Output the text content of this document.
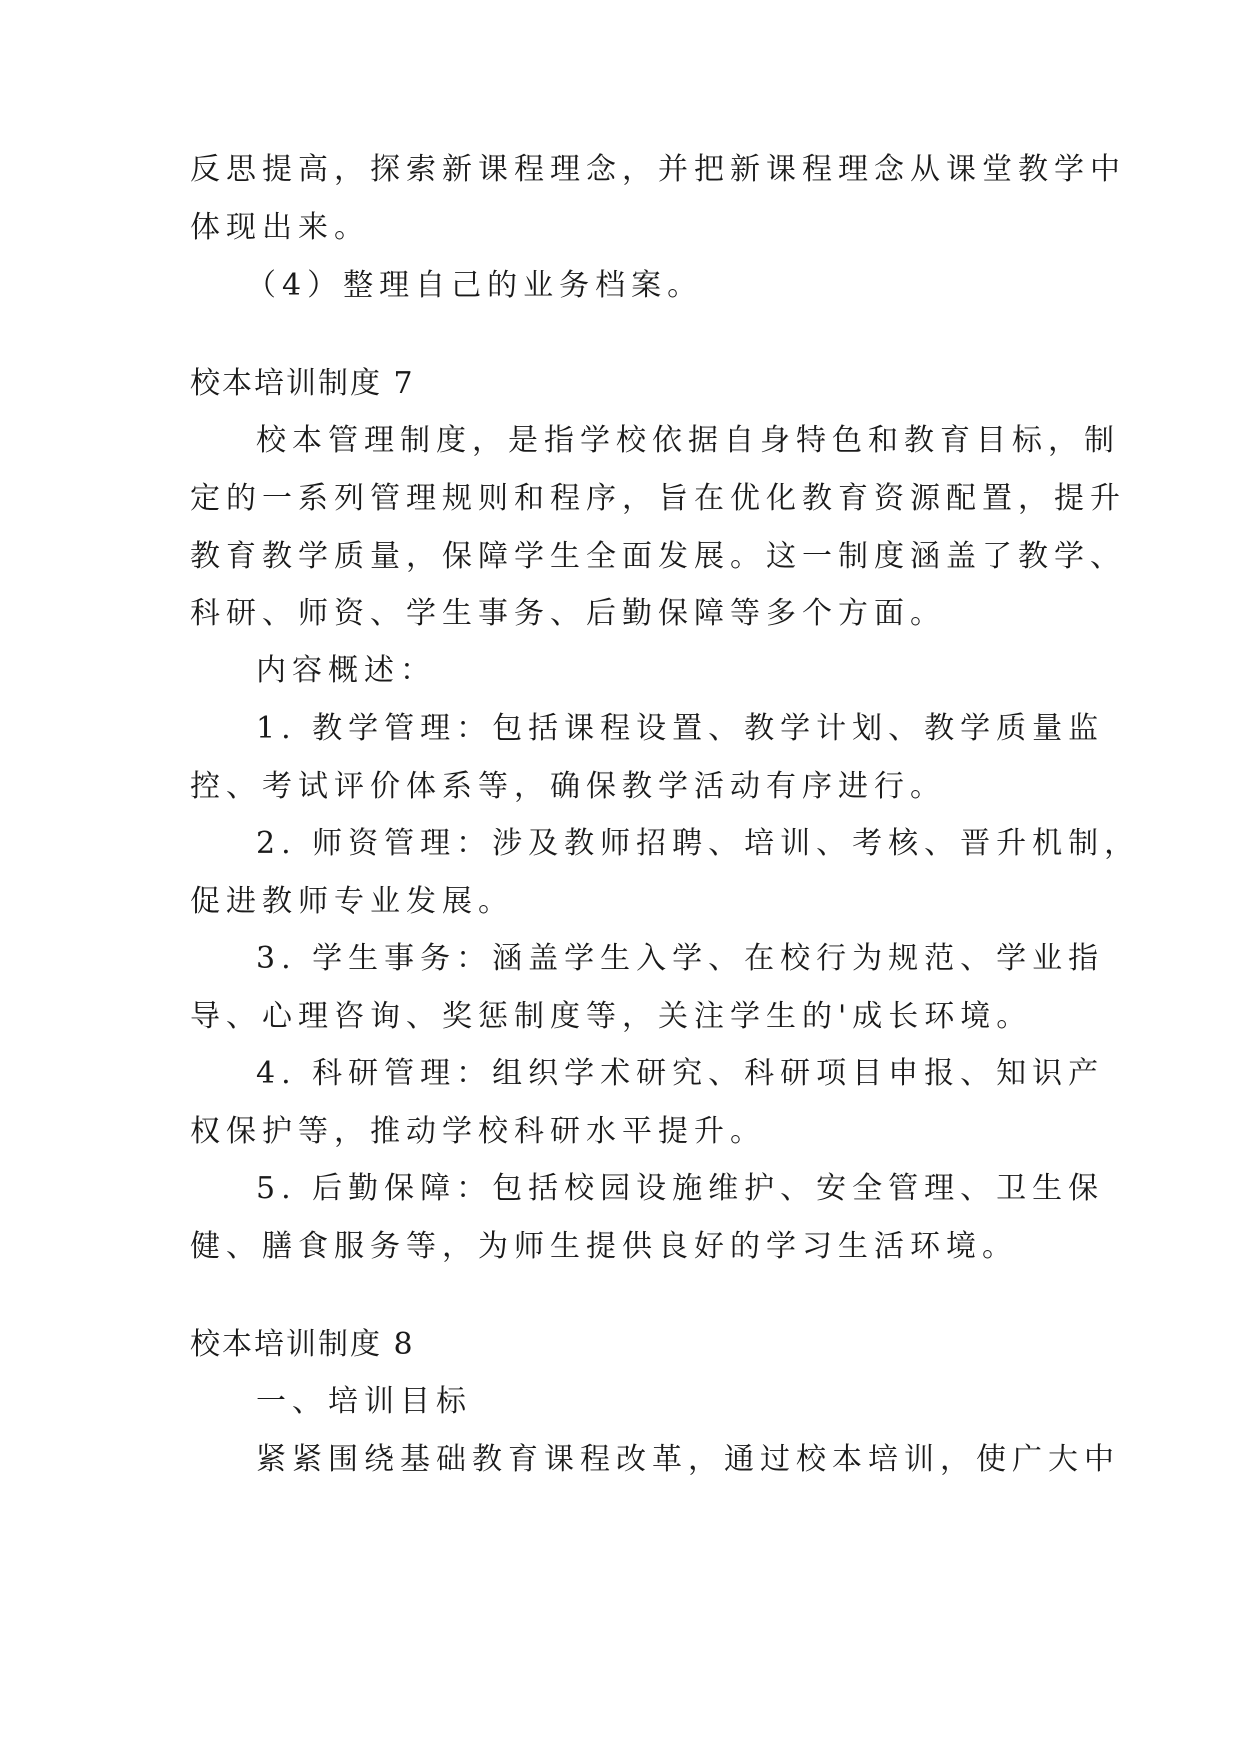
反思提高，探索新课程理念，并把新课程理念从课堂教学中
体现出来。
（4）整理自己的业务档案。
校本培训制度 7
校本管理制度，是指学校依据自身特色和教育目标，制
定的一系列管理规则和程序，旨在优化教育资源配置，提升
教育教学质量，保障学生全面发展。这一制度涵盖了教学、
科研、师资、学生事务、后勤保障等多个方面。
内容概述：
1. 教学管理：包括课程设置、教学计划、教学质量监
控、考试评价体系等，确保教学活动有序进行。
2. 师资管理：涉及教师招聘、培训、考核、晋升机制，
促进教师专业发展。
3. 学生事务：涵盖学生入学、在校行为规范、学业指
导、心理咨询、奖惩制度等，关注学生的'成长环境。
4. 科研管理：组织学术研究、科研项目申报、知识产
权保护等，推动学校科研水平提升。
5. 后勤保障：包括校园设施维护、安全管理、卫生保
健、膳食服务等，为师生提供良好的学习生活环境。
校本培训制度 8
一、培训目标
紧紧围绕基础教育课程改革，通过校本培训，使广大中
